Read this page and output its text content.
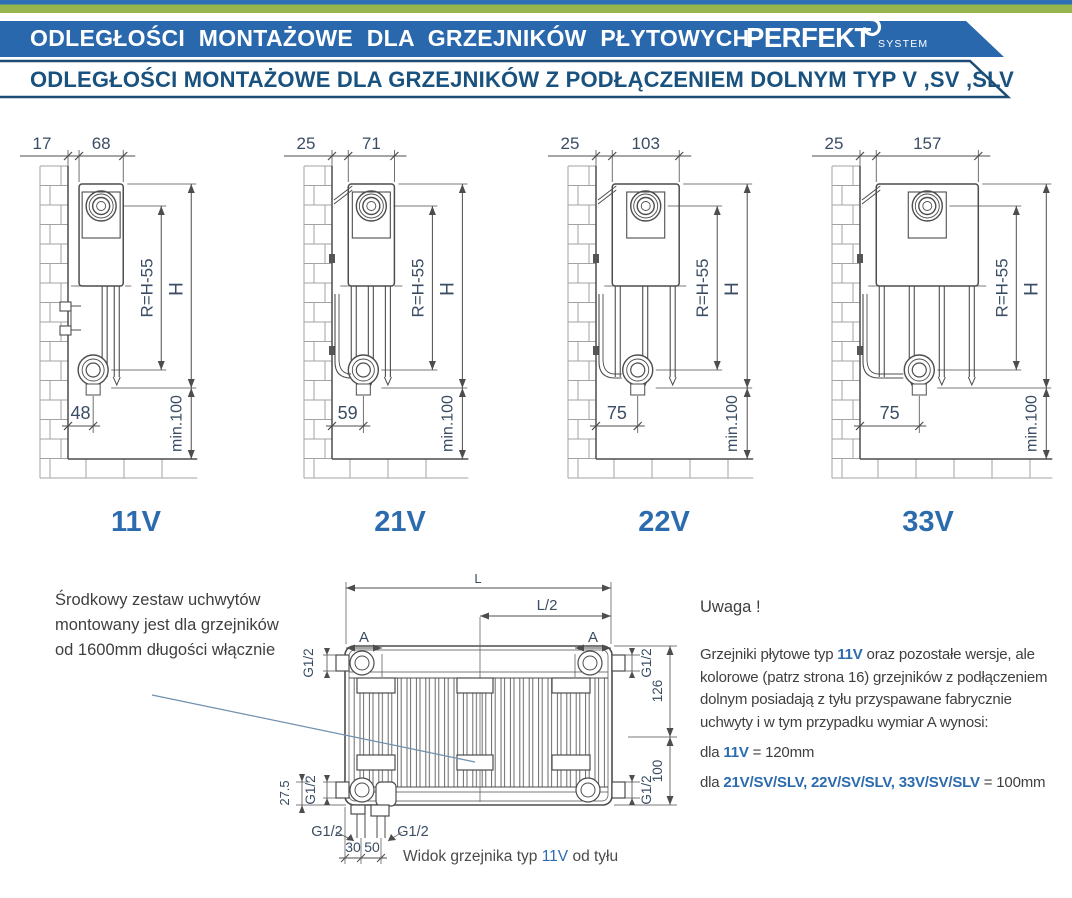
ODLEGŁOŚCI MONTAŻOWE DLA GRZEJNIKÓW PŁYTOWYCH
PERFEKT SYSTEM
ODLEGŁOŚCI MONTAŻOWE DLA GRZEJNIKÓW Z PODŁĄCZENIEM DOLNYM TYP V ,SV ,SLV
17 68
R=H-55 H
min.100
48
11V
25	71
R=H-55 H
min.100
59
21V
25	103
R=H-55 H
min.100
75
22V
25	157
R=H-55 H
min.100
75
33V
Środkowy zestaw uchwytów
montowany jest dla grzejników
od 1600mm długości włącznie
L
L/2
A	A
G1/2	G1/2
126
G1/2
27.5	G1/2
100
G1/2	G1/2
30 50
Widok grzejnika typ 11V od tyłu
Uwaga !
Grzejniki płytowe typ 11V oraz pozostałe wersje, ale
kolorowe (patrz strona 16) grzejników z podłączeniem
dolnym posiadają z tyłu przyspawane fabrycznie
uchwyty i w tym przypadku wymiar A wynosi:
dla 11V = 120mm
dla 21V/SV/SLV, 22V/SV/SLV, 33V/SV/SLV = 100mm
